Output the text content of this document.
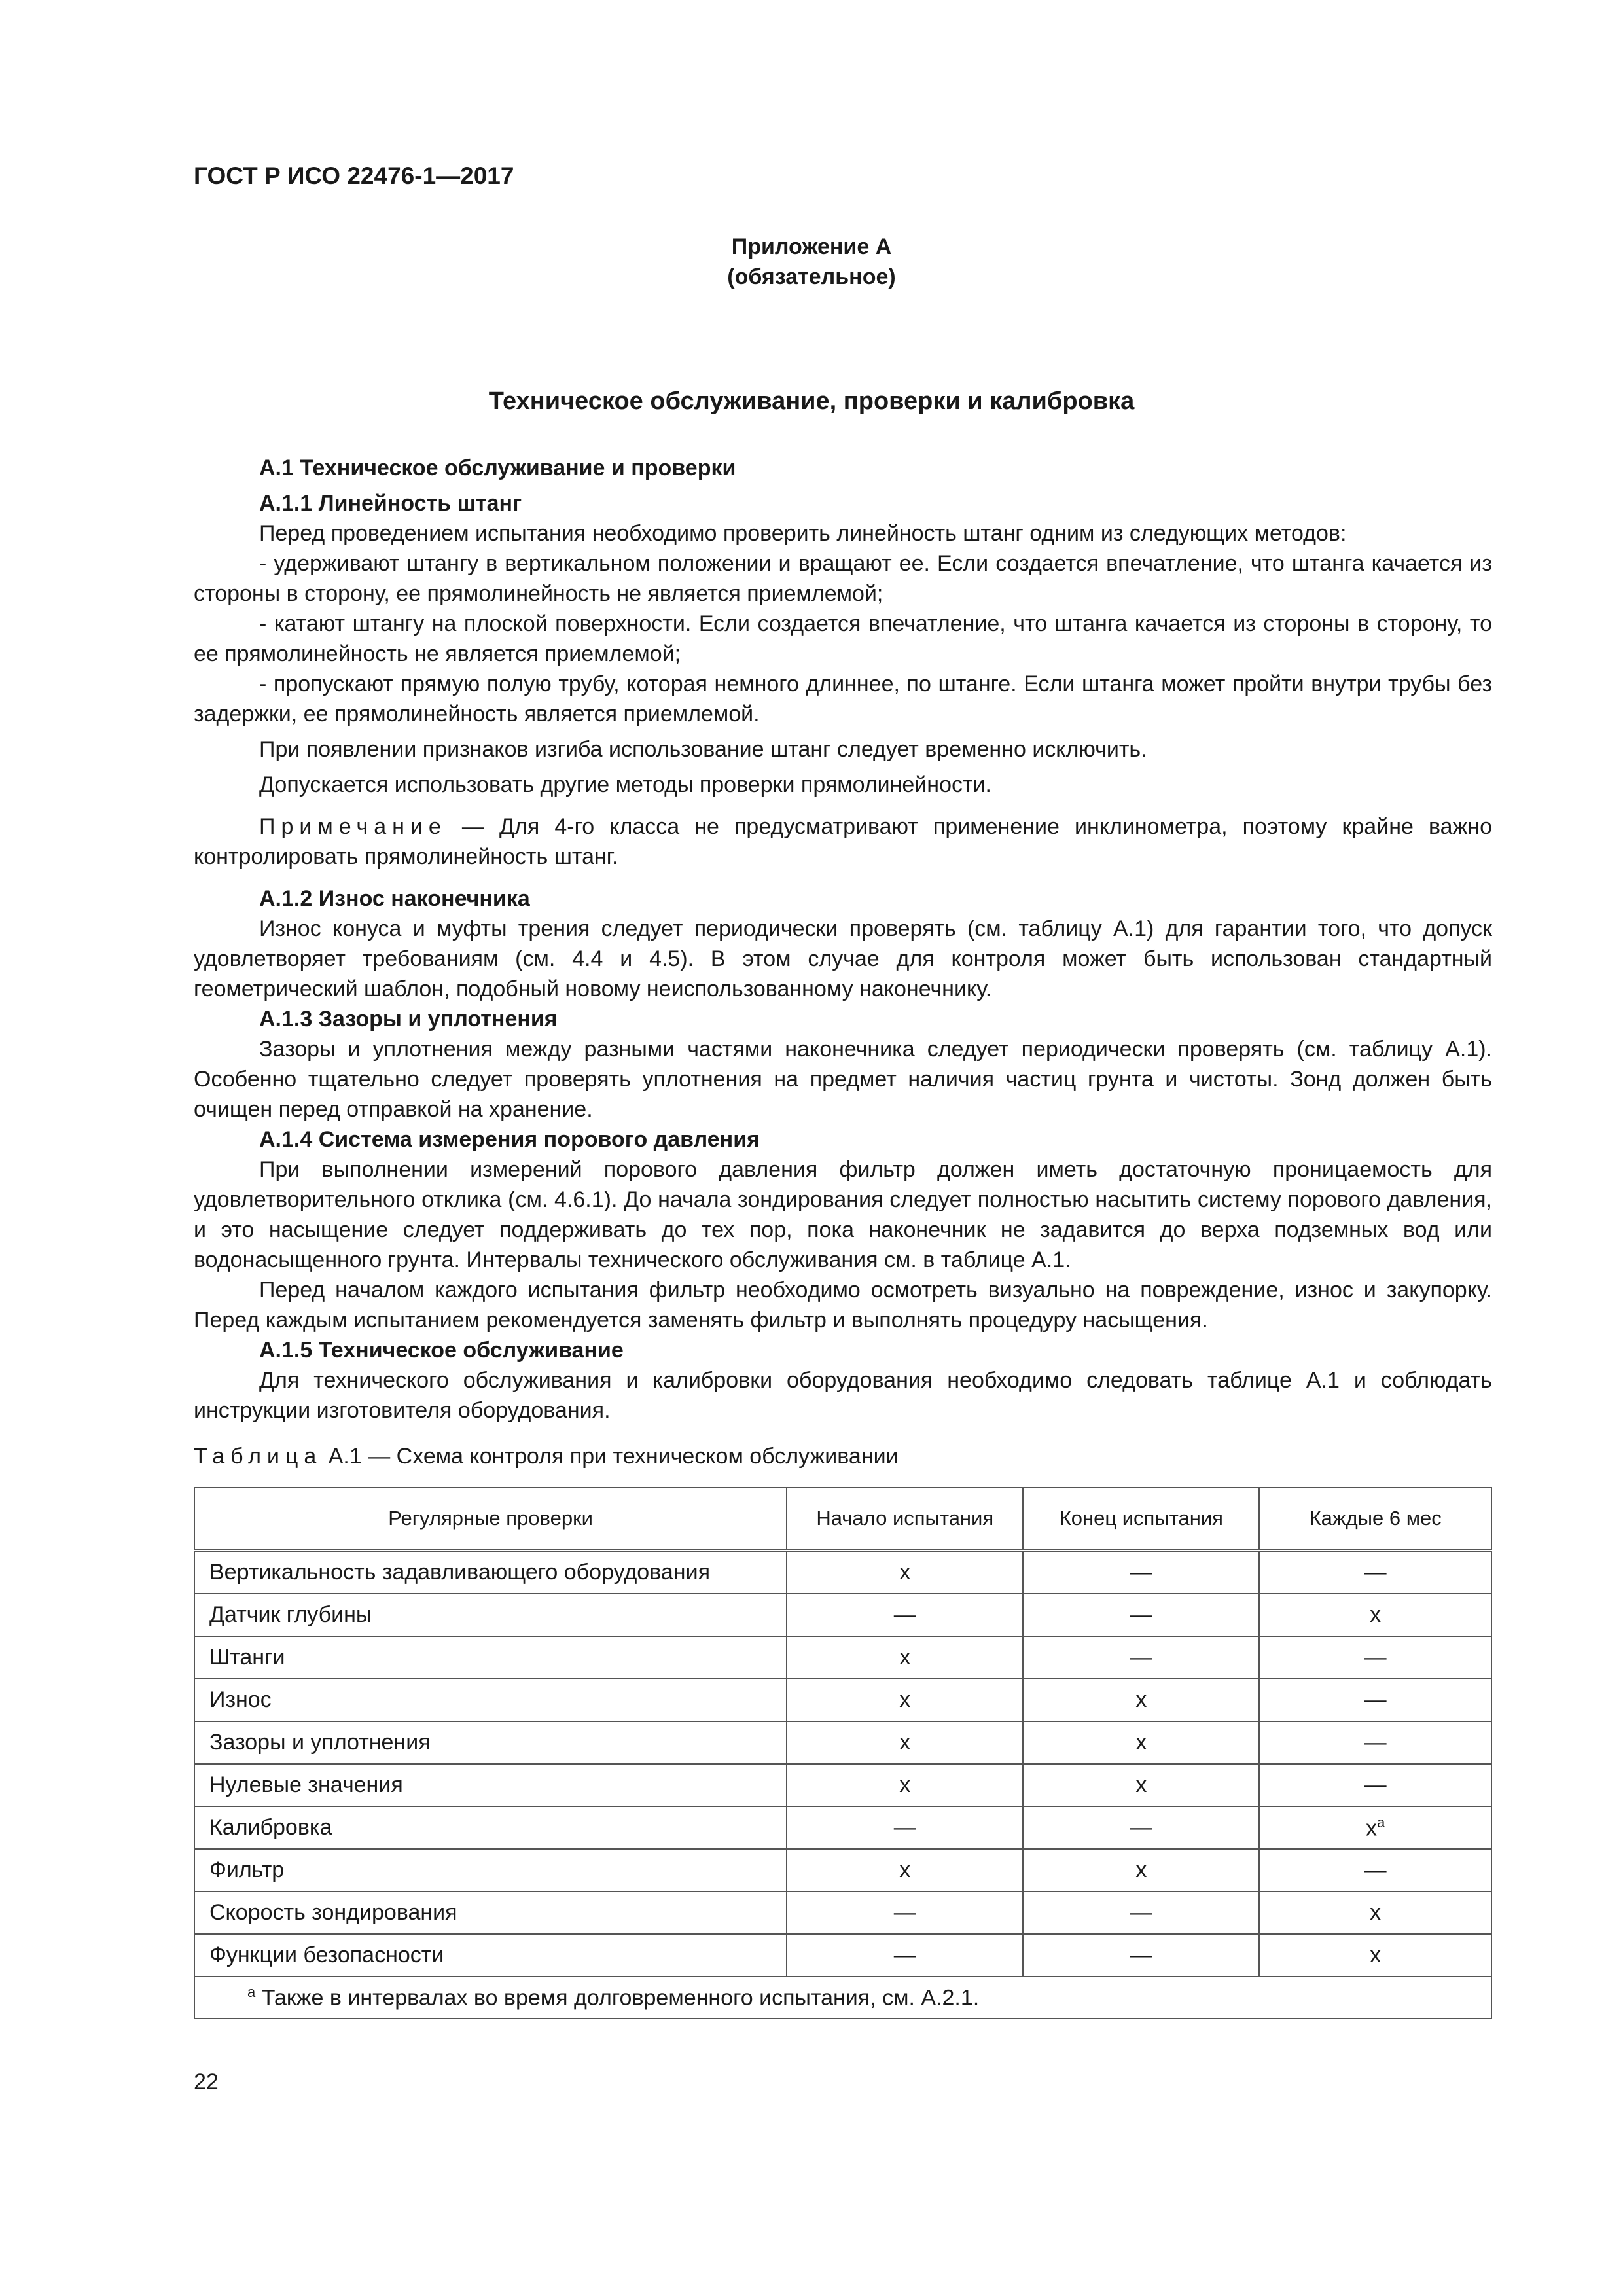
ГОСТ Р ИСО 22476-1—2017
Приложение А
(обязательное)
Техническое обслуживание, проверки и калибровка
А.1 Техническое обслуживание и проверки
А.1.1 Линейность штанг

Перед проведением испытания необходимо проверить линейность штанг одним из следующих методов:

- удерживают штангу в вертикальном положении и вращают ее. Если создается впечатление, что штанга качается из стороны в сторону, ее прямолинейность не является приемлемой;

- катают штангу на плоской поверхности. Если создается впечатление, что штанга качается из стороны в сторону, то ее прямолинейность не является приемлемой;

- пропускают прямую полую трубу, которая немного длиннее, по штанге. Если штанга может пройти внутри трубы без задержки, ее прямолинейность является приемлемой.

При появлении признаков изгиба использование штанг следует временно исключить.

Допускается использовать другие методы проверки прямолинейности.

Примечание — Для 4-го класса не предусматривают применение инклинометра, поэтому крайне важно контролировать прямолинейность штанг.

А.1.2 Износ наконечника

Износ конуса и муфты трения следует периодически проверять (см. таблицу А.1) для гарантии того, что допуск удовлетворяет требованиям (см. 4.4 и 4.5). В этом случае для контроля может быть использован стандартный геометрический шаблон, подобный новому неиспользованному наконечнику.

А.1.3 Зазоры и уплотнения

Зазоры и уплотнения между разными частями наконечника следует периодически проверять (см. таблицу А.1). Особенно тщательно следует проверять уплотнения на предмет наличия частиц грунта и чистоты. Зонд должен быть очищен перед отправкой на хранение.

А.1.4 Система измерения порового давления

При выполнении измерений порового давления фильтр должен иметь достаточную проницаемость для удовлетворительного отклика (см. 4.6.1). До начала зондирования следует полностью насытить систему порового давления, и это насыщение следует поддерживать до тех пор, пока наконечник не задавится до верха подземных вод или водонасыщенного грунта. Интервалы технического обслуживания см. в таблице А.1.

Перед началом каждого испытания фильтр необходимо осмотреть визуально на повреждение, износ и закупорку. Перед каждым испытанием рекомендуется заменять фильтр и выполнять процедуру насыщения.

А.1.5 Техническое обслуживание

Для технического обслуживания и калибровки оборудования необходимо следовать таблице А.1 и соблюдать инструкции изготовителя оборудования.

Таблица А.1 — Схема контроля при техническом обслуживании
Регулярные проверки	Начало испытания	Конец испытания	Каждые 6 мес
Вертикальность задавливающего оборудования	x	—	—
Датчик глубины	—	—	x
Штанги	x	—	—
Износ	x	x	—
Зазоры и уплотнения	x	x	—
Нулевые значения	x	x	—
Калибровка	—	—	$x^a$
Фильтр	x	x	—
Скорость зондирования	—	—	x
Функции безопасности	—	—	x
$^a$ Также в интервалах во время долговременного испытания, см. А.2.1.			
22
